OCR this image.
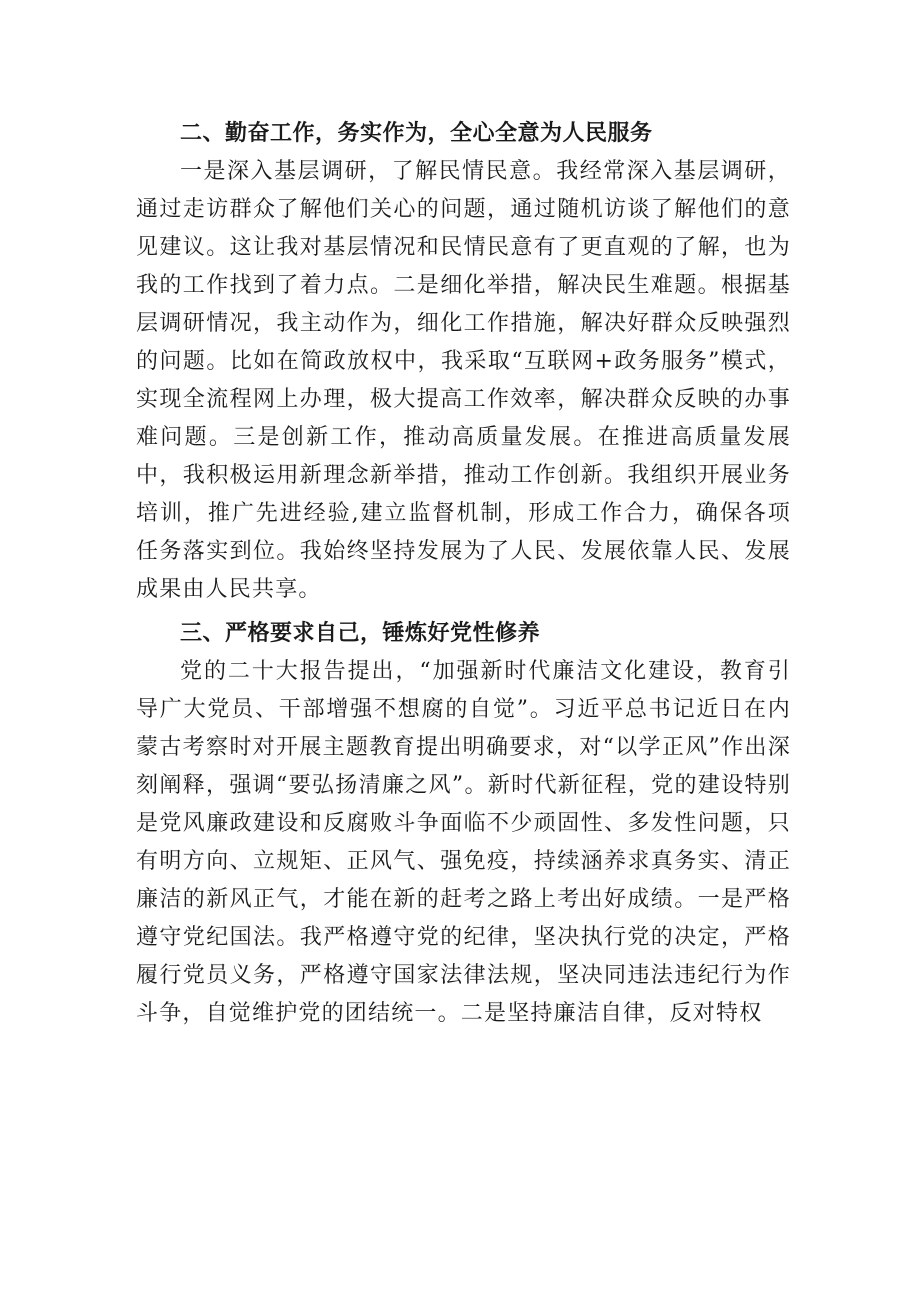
二、勤奋工作，务实作为，全心全意为人民服务

一是深入基层调研，了解民情民意。我经常深入基层调研，通过走访群众了解他们关心的问题，通过随机访谈了解他们的意见建议。这让我对基层情况和民情民意有了更直观的了解，也为我的工作找到了着力点。二是细化举措，解决民生难题。根据基层调研情况，我主动作为，细化工作措施，解决好群众反映强烈的问题。比如在简政放权中，我采取“互联网+政务服务”模式，实现全流程网上办理，极大提高工作效率，解决群众反映的办事难问题。三是创新工作，推动高质量发展。在推进高质量发展中，我积极运用新理念新举措，推动工作创新。我组织开展业务培训，推广先进经验,建立监督机制，形成工作合力，确保各项任务落实到位。我始终坚持发展为了人民、发展依靠人民、发展成果由人民共享。

三、严格要求自己，锤炼好党性修养

党的二十大报告提出，“加强新时代廉洁文化建设，教育引导广大党员、干部增强不想腐的自觉”。习近平总书记近日在内蒙古考察时对开展主题教育提出明确要求，对“以学正风”作出深刻阐释，强调“要弘扬清廉之风”。新时代新征程，党的建设特别是党风廉政建设和反腐败斗争面临不少顽固性、多发性问题，只有明方向、立规矩、正风气、强免疫，持续涵养求真务实、清正廉洁的新风正气，才能在新的赶考之路上考出好成绩。一是严格遵守党纪国法。我严格遵守党的纪律，坚决执行党的决定，严格履行党员义务，严格遵守国家法律法规，坚决同违法违纪行为作斗争，自觉维护党的团结统一。二是坚持廉洁自律，反对特权
